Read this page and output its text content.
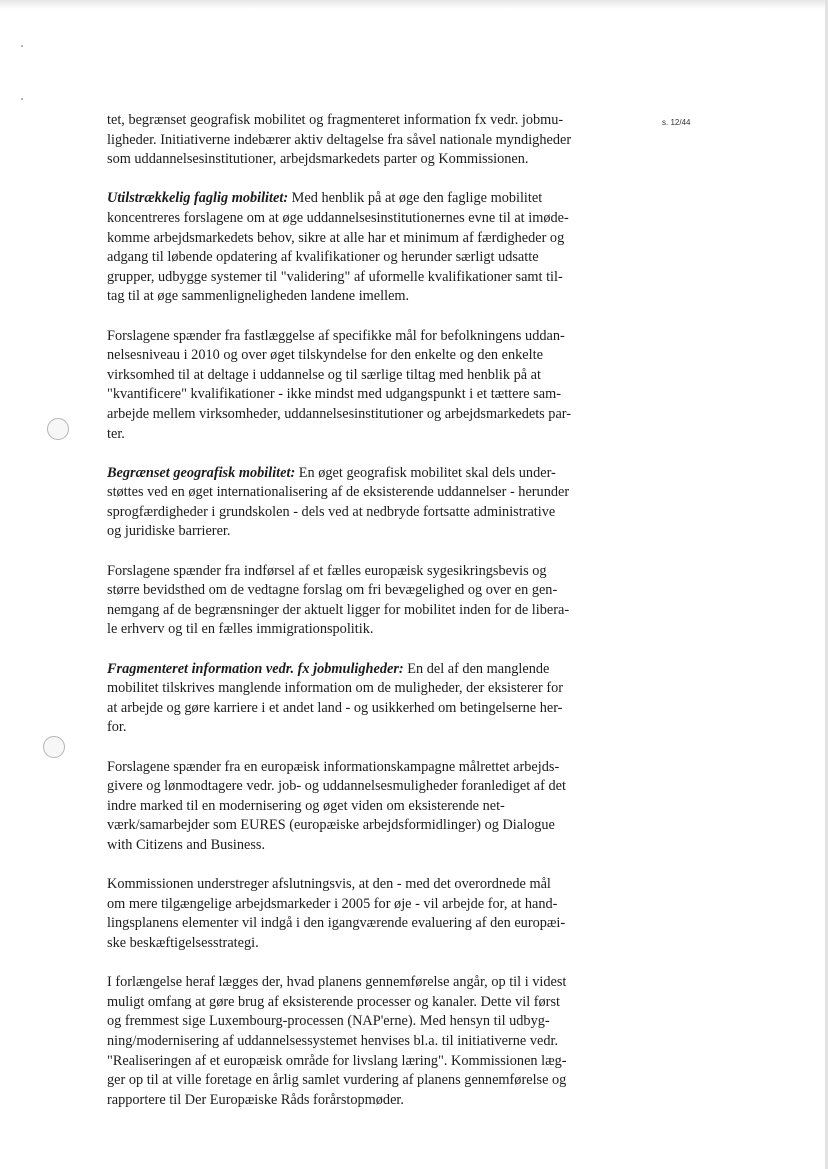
s. 12/44

tet, begrænset geografisk mobilitet og fragmenteret information fx vedr. jobmu-
ligheder. Initiativerne indebærer aktiv deltagelse fra såvel nationale myndigheder
som uddannelsesinstitutioner, arbejdsmarkedets parter og Kommissionen.

Utilstrækkelig faglig mobilitet: Med henblik på at øge den faglige mobilitet
koncentreres forslagene om at øge uddannelsesinstitutionernes evne til at imøde-
komme arbejdsmarkedets behov, sikre at alle har et minimum af færdigheder og
adgang til løbende opdatering af kvalifikationer og herunder særligt udsatte
grupper, udbygge systemer til "validering" af uformelle kvalifikationer samt til-
tag til at øge sammenligneligheden landene imellem.

Forslagene spænder fra fastlæggelse af specifikke mål for befolkningens uddan-
nelsesniveau i 2010 og over øget tilskyndelse for den enkelte og den enkelte
virksomhed til at deltage i uddannelse og til særlige tiltag med henblik på at
"kvantificere" kvalifikationer - ikke mindst med udgangspunkt i et tættere sam-
arbejde mellem virksomheder, uddannelsesinstitutioner og arbejdsmarkedets par-
ter.

Begrænset geografisk mobilitet: En øget geografisk mobilitet skal dels under-
støttes ved en øget internationalisering af de eksisterende uddannelser - herunder
sprogfærdigheder i grundskolen - dels ved at nedbryde fortsatte administrative
og juridiske barrierer.

Forslagene spænder fra indførsel af et fælles europæisk sygesikringsbevis og
større bevidsthed om de vedtagne forslag om fri bevægelighed og over en gen-
nemgang af de begrænsninger der aktuelt ligger for mobilitet inden for de libera-
le erhverv og til en fælles immigrationspolitik.

Fragmenteret information vedr. fx jobmuligheder: En del af den manglende
mobilitet tilskrives manglende information om de muligheder, der eksisterer for
at arbejde og gøre karriere i et andet land - og usikkerhed om betingelserne her-
for.

Forslagene spænder fra en europæisk informationskampagne målrettet arbejds-
givere og lønmodtagere vedr. job- og uddannelsesmuligheder foranlediget af det
indre marked til en modernisering og øget viden om eksisterende net-
værk/samarbejder som EURES (europæiske arbejdsformidlinger) og Dialogue
with Citizens and Business.

Kommissionen understreger afslutningsvis, at den - med det overordnede mål
om mere tilgængelige arbejdsmarkeder i 2005 for øje - vil arbejde for, at hand-
lingsplanens elementer vil indgå i den igangværende evaluering af den europæi-
ske beskæftigelsesstrategi.

I forlængelse heraf lægges der, hvad planens gennemførelse angår, op til i videst
muligt omfang at gøre brug af eksisterende processer og kanaler. Dette vil først
og fremmest sige Luxembourg-processen (NAP'erne). Med hensyn til udbyg-
ning/modernisering af uddannelsessystemet henvises bl.a. til initiativerne vedr.
"Realiseringen af et europæisk område for livslang læring". Kommissionen læg-
ger op til at ville foretage en årlig samlet vurdering af planens gennemførelse og
rapportere til Der Europæiske Råds forårstopmøder.
